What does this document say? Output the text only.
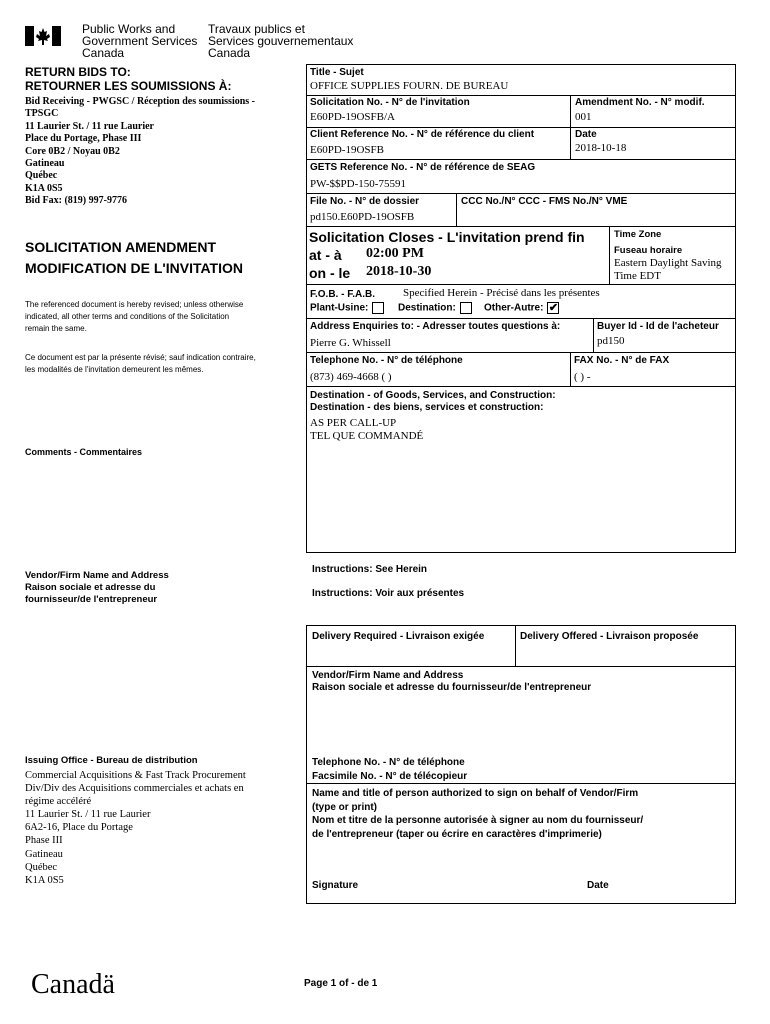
Public Works and
Government Services
Canada
Travaux publics et
Services gouvernementaux
Canada
RETURN BIDS TO:
RETOURNER LES SOUMISSIONS À:
Bid Receiving - PWGSC / Réception des soumissions -
TPSGC
11 Laurier St. / 11 rue Laurier
Place du Portage, Phase III
Core 0B2 / Noyau 0B2
Gatineau
Québec
K1A 0S5
Bid Fax: (819) 997-9776
SOLICITATION AMENDMENT
MODIFICATION DE L'INVITATION
The referenced document is hereby revised; unless otherwise
indicated, all other terms and conditions of the Solicitation
remain the same.
Ce document est par la présente révisé; sauf indication contraire,
les modalités de l'invitation demeurent les mêmes.
Comments - Commentaires
Vendor/Firm Name and Address
Raison sociale et adresse du
fournisseur/de l'entrepreneur
Issuing Office - Bureau de distribution
Commercial Acquisitions & Fast Track Procurement
Div/Div des Acquisitions commerciales et achats en
régime accéléré
11 Laurier St. / 11 rue Laurier
6A2-16, Place du Portage
Phase III
Gatineau
Québec
K1A 0S5
Title - Sujet
OFFICE SUPPLIES FOURN. DE BUREAU
Solicitation No. - N° de l'invitation
E60PD-19OSFB/A
Amendment No. - N° modif.
001
Client Reference No. - N° de référence du client
E60PD-19OSFB
Date
2018-10-18
GETS Reference No. - N° de référence de SEAG
PW-$$PD-150-75591
File No. - N° de dossier
pd150.E60PD-19OSFB
CCC No./N° CCC - FMS No./N° VME
Solicitation Closes - L'invitation prend fin
at - à 02:00 PM
on - le 2018-10-30
Time Zone
Fuseau horaire
Eastern Daylight Saving
Time EDT
F.O.B. - F.A.B.	Specified Herein - Précisé dans les présentes
Plant-Usine:	Destination:	Other-Autre: ✔
Address Enquiries to: - Adresser toutes questions à:
Pierre G. Whissell
Buyer Id - Id de l'acheteur
pd150
Telephone No. - N° de téléphone
(873) 469-4668 ( )
FAX No. - N° de FAX
( ) -
Destination - of Goods, Services, and Construction:
Destination - des biens, services et construction:
AS PER CALL-UP
TEL QUE COMMANDÉ
Instructions: See Herein
Instructions: Voir aux présentes
Delivery Required - Livraison exigée	Delivery Offered - Livraison proposée
Vendor/Firm Name and Address
Raison sociale et adresse du fournisseur/de l'entrepreneur
Telephone No. - N° de téléphone
Facsimile No. - N° de télécopieur
Name and title of person authorized to sign on behalf of Vendor/Firm
(type or print)
Nom et titre de la personne autorisée à signer au nom du fournisseur/
de l'entrepreneur (taper ou écrire en caractères d'imprimerie)
Signature	Date
Canadä	Page 1 of - de 1
